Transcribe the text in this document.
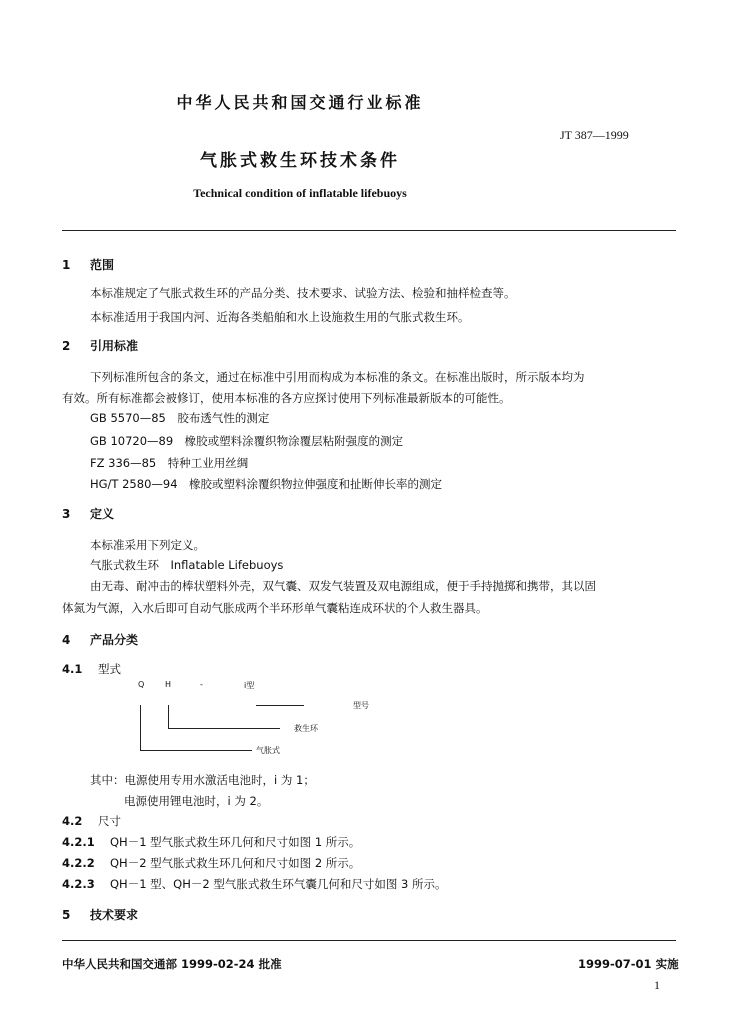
中华人民共和国交通行业标准
JT 387—1999
气胀式救生环技术条件
Technical condition of inflatable lifebuoys
1 范围
本标准规定了气胀式救生环的产品分类、技术要求、试验方法、检验和抽样检查等。
本标准适用于我国内河、近海各类船舶和水上设施救生用的气胀式救生环。
2 引用标准
下列标准所包含的条文，通过在标准中引用而构成为本标准的条文。在标准出版时，所示版本均为
有效。所有标准都会被修订，使用本标准的各方应探讨使用下列标准最新版本的可能性。
GB 5570—85　胶布透气性的测定
GB 10720—89　橡胶或塑料涂覆织物涂覆层粘附强度的测定
FZ 336—85　特种工业用丝绸
HG/T 2580—94　橡胶或塑料涂覆织物拉伸强度和扯断伸长率的测定
3 定义
本标准采用下列定义。
气胀式救生环　Inflatable Lifebuoys
由无毒、耐冲击的棒状塑料外壳，双气囊、双发气装置及双电源组成，便于手持抛掷和携带，其以固
体氮为气源，入水后即可自动气胀成两个半环形单气囊粘连成环状的个人救生器具。
4 产品分类
4.1 型式
Q	H	-	i型
型号
救生环
气胀式
其中：电源使用专用水激活电池时，i 为 1；
电源使用锂电池时，i 为 2。
4.2 尺寸
4.2.1 QH－1 型气胀式救生环几何和尺寸如图 1 所示。
4.2.2 QH－2 型气胀式救生环几何和尺寸如图 2 所示。
4.2.3 QH－1 型、QH－2 型气胀式救生环气囊几何和尺寸如图 3 所示。
5 技术要求
中华人民共和国交通部 1999-02-24 批准	1999-07-01 实施
1
